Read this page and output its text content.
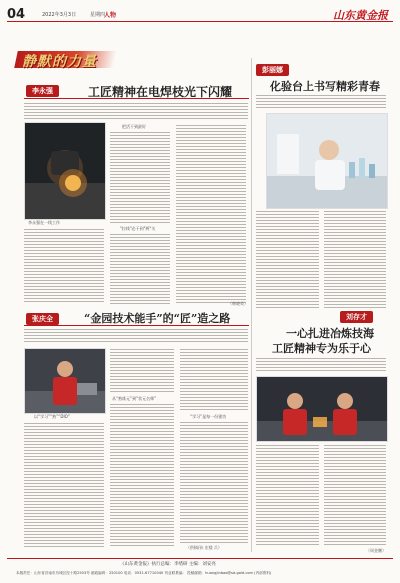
04	2022年3月3日	星期四
人物	山东黄金报
静默的力量
李永强	工匠精神在电焊枝光下闪耀
李永强在一线工作
把活干到最好
"拉线"必干到"两"关
彭丽娜
化验台上书写精彩青春
刘存才
一心扎进冶炼技海
工匠精神专为乐于心
（周金鹏）
张庆全	“金园技术能手”的“匠”造之路
以“学习”“熟”“DIO”
从“熟练元”到“状元名师”
“学习”是每一份建功
（供稿/孙 宏楼 兵）
（韩晓英）
《山东黄金报》执行总编：李绪研 主编：刘安亮
本版责任：山东省济南市历城区经十路2503号 邮政编码：250100 电话：0531-67710040 刊业联系编： 投稿邮箱：huangjinbao@sd-gold.com (内部资料)
